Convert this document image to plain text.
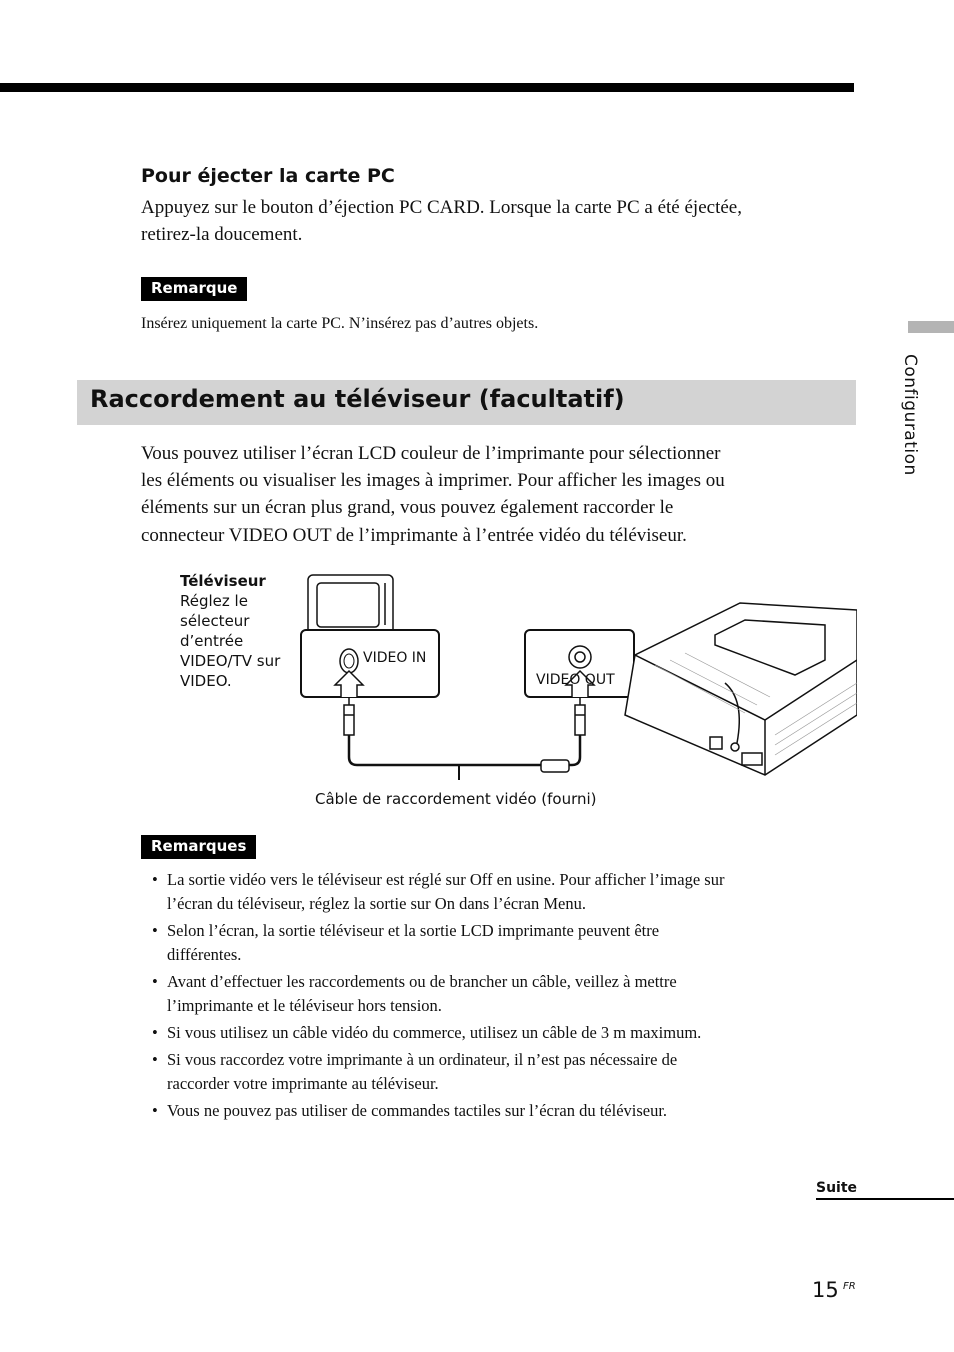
Pour éjecter la carte PC
Appuyez sur le bouton d’éjection PC CARD. Lorsque la carte PC a été éjectée,
retirez-la doucement.
Remarque
Insérez uniquement la carte PC. N’insérez pas d’autres objets.
Configuration
Raccordement au téléviseur (facultatif)
Vous pouvez utiliser l’écran LCD couleur de l’imprimante pour sélectionner
les éléments ou visualiser les images à imprimer. Pour afficher les images ou
éléments sur un écran plus grand, vous pouvez également raccorder le
connecteur VIDEO OUT de l’imprimante à l’entrée vidéo du téléviseur.
Téléviseur
Réglez le
sélecteur
d’entrée
VIDEO/TV sur
VIDEO.
VIDEO IN
VIDEO OUT
Câble de raccordement vidéo (fourni)
Remarques
• La sortie vidéo vers le téléviseur est réglé sur Off en usine. Pour afficher l’image sur
l’écran du téléviseur, réglez la sortie sur On dans l’écran Menu.
• Selon l’écran, la sortie téléviseur et la sortie LCD imprimante peuvent être
différentes.
• Avant d’effectuer les raccordements ou de brancher un câble, veillez à mettre
l’imprimante et le téléviseur hors tension.
• Si vous utilisez un câble vidéo du commerce, utilisez un câble de 3 m maximum.
• Si vous raccordez votre imprimante à un ordinateur, il n’est pas nécessaire de
raccorder votre imprimante au téléviseur.
• Vous ne pouvez pas utiliser de commandes tactiles sur l’écran du téléviseur.
Suite
15 FR
